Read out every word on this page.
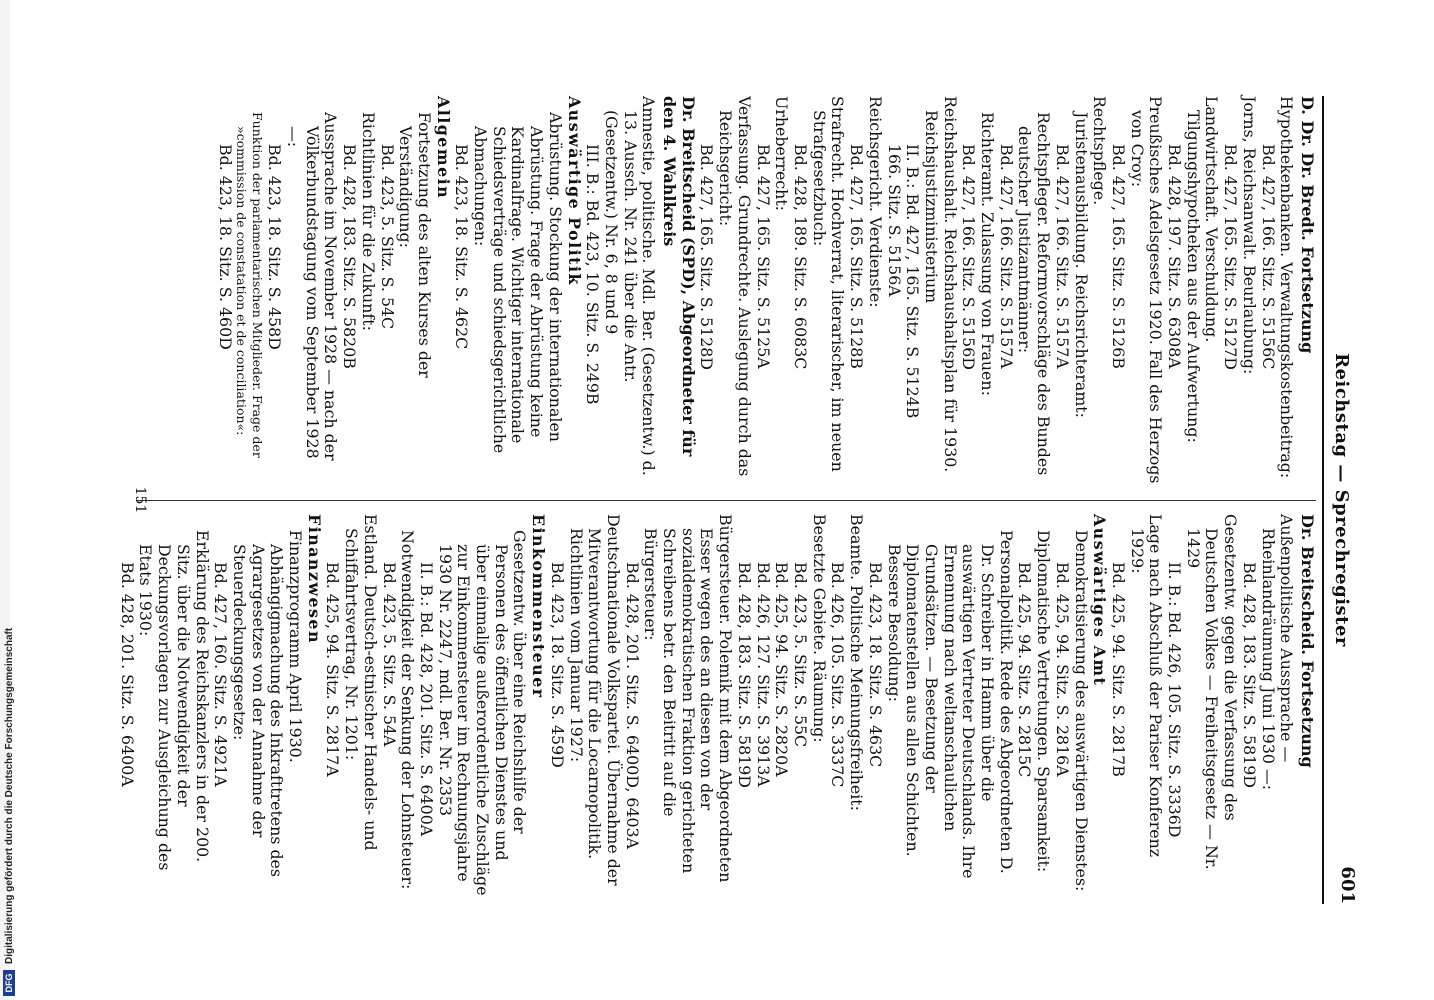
DFG
Digitalisierung gefördert durch die Deutsche Forschungsgemeinschaft
Reichstag — Sprechregister
601

D. Dr. Dr. Bredt. Fortsetzung

Hypothekenbanken. Verwaltungskostenbeitrag:

Bd. 427, 166. Sitz. S. 5156C

Jorns, Reichsanwalt. Beurlaubung:

Bd. 427, 165. Sitz. S. 5127D

Landwirtschaft. Verschuldung. Tilgungshypotheken aus der Aufwertung:

Bd. 428, 197. Sitz. S. 6308A

Preußisches Adelsgesetz 1920. Fall des Herzogs von Croy:

Bd. 427, 165. Sitz. S. 5126B

Rechtspflege.

Juristenausbildung. Reichsrichteramt:

Bd. 427, 166. Sitz. S. 5157A

Rechtspfleger. Reformvorschläge des Bundes deutscher Justizamtmänner:

Bd. 427, 166. Sitz. S. 5157A

Richteramt. Zulassung von Frauen:

Bd. 427, 166. Sitz. S. 5156D

Reichshaushalt. Reichshaushaltsplan für 1930. Reichsjustizministerium

II. B.: Bd. 427, 165. Sitz. S. 5124B

166. Sitz. S. 5156A

Reichsgericht. Verdienste:

Bd. 427, 165. Sitz. S. 5128B

Strafrecht. Hochverrat, literarischer, im neuen Strafgesetzbuch:

Bd. 428, 189. Sitz. S. 6083C

Urheberrecht:

Bd. 427, 165. Sitz. S. 5125A

Verfassung. Grundrechte. Auslegung durch das Reichsgericht:

Bd. 427, 165. Sitz. S. 5128D

Dr. Breitscheid (SPD), Abgeordneter für den 4. Wahlkreis

Amnestie, politische. Mdl. Ber. (Gesetzentw.) d. 13. Aussch. Nr. 241 über die Antr. (Gesetzentw.) Nr. 6, 8 und 9

III. B.: Bd. 423, 10. Sitz. S. 249B

Auswärtige Politik

Abrüstung. Stockung der internationalen Abrüstung. Frage der Abrüstung keine Kardinalfrage. Wichtiger internationale Schiedsverträge und schiedsgerichtliche Abmachungen:

Bd. 423, 18. Sitz. S. 462C

Allgemein

Fortsetzung des alten Kurses der Verständigung:

Bd. 423, 5. Sitz. S. 54C

Richtlinien für die Zukunft:

Bd. 428, 183. Sitz. S. 5820B

Aussprache im November 1928 — nach der Völkerbundstagung vom September 1928 —:

Bd. 423, 18. Sitz. S. 458D

Funktion der parlamentarischen Mitglieder. Frage der »commission de constatation et de conciliation«:

Bd. 423, 18. Sitz. S. 460D

Dr. Breitscheid. Fortsetzung

Außenpolitische Aussprache — Rheinlandräumung Juni 1930 —:

Bd. 428, 183. Sitz. S. 5819D

Gesetzentw. gegen die Verfassung des Deutschen Volkes — Freiheitsgesetz — Nr. 1429

II. B.: Bd. 426, 105. Sitz. S. 3336D

Lage nach Abschluß der Pariser Konferenz 1929:

Bd. 425, 94. Sitz. S. 2817B

Auswärtiges Amt

Demokratisierung des auswärtigen Dienstes:

Bd. 425, 94. Sitz. S. 2816A

Diplomatische Vertretungen. Sparsamkeit:

Bd. 425, 94. Sitz. S. 2815C

Personalpolitik. Rede des Abgeordneten D. Dr. Schreiber in Hamm über die auswärtigen Vertreter Deutschlands. Ihre Ernennung nach weltanschaulichen Grundsätzen. — Besetzung der Diplomatenstellen aus allen Schichten. Bessere Besoldung:

Bd. 423, 18. Sitz. S. 463C

Beamte. Politische Meinungsfreiheit:

Bd. 426, 105. Sitz. S. 3337C

Besetzte Gebiete. Räumung:

Bd. 423, 5. Sitz. S. 55C

Bd. 425, 94. Sitz. S. 2820A

Bd. 426, 127. Sitz. S. 3913A

Bd. 428, 183. Sitz. S. 5819D

Bürgersteuer. Polemik mit dem Abgeordneten Esser wegen des an diesen von der sozialdemokratischen Fraktion gerichteten Schreibens betr. den Beitritt auf die Bürgersteuer:

Bd. 428, 201. Sitz. S. 6400D, 6403A

Deutschnationale Volkspartei. Übernahme der Mitverantwortung für die Locarnopolitik. Richtlinien vom Januar 1927:

Bd. 423, 18. Sitz. S. 459D

Einkommensteuer

Gesetzentw. über eine Reichshilfe der Personen des öffentlichen Dienstes und über einmalige außerordentliche Zuschläge zur Einkommensteuer im Rechnungsjahre 1930 Nr. 2247, mdl. Ber. Nr. 2353

II. B.: Bd. 428, 201. Sitz. S. 6400A

Notwendigkeit der Senkung der Lohnsteuer:

Bd. 423, 5. Sitz. S. 54A

Estland. Deutsch-estnischer Handels- und Schiffahrtsvertrag, Nr. 1201:

Bd. 425, 94. Sitz. S. 2817A

Finanzwesen

Finanzprogramm April 1930. Abhängigmachung des Inkrafttretens des Agrargesetzes von der Annahme der Steuerdeckungsgesetze:

Bd. 427, 160. Sitz. S. 4921A

Erklärung des Reichskanzlers in der 200. Sitz. über die Notwendigkeit der Deckungsvorlagen zur Ausgleichung des Etats 1930:

Bd. 428, 201. Sitz. S. 6400A

151
